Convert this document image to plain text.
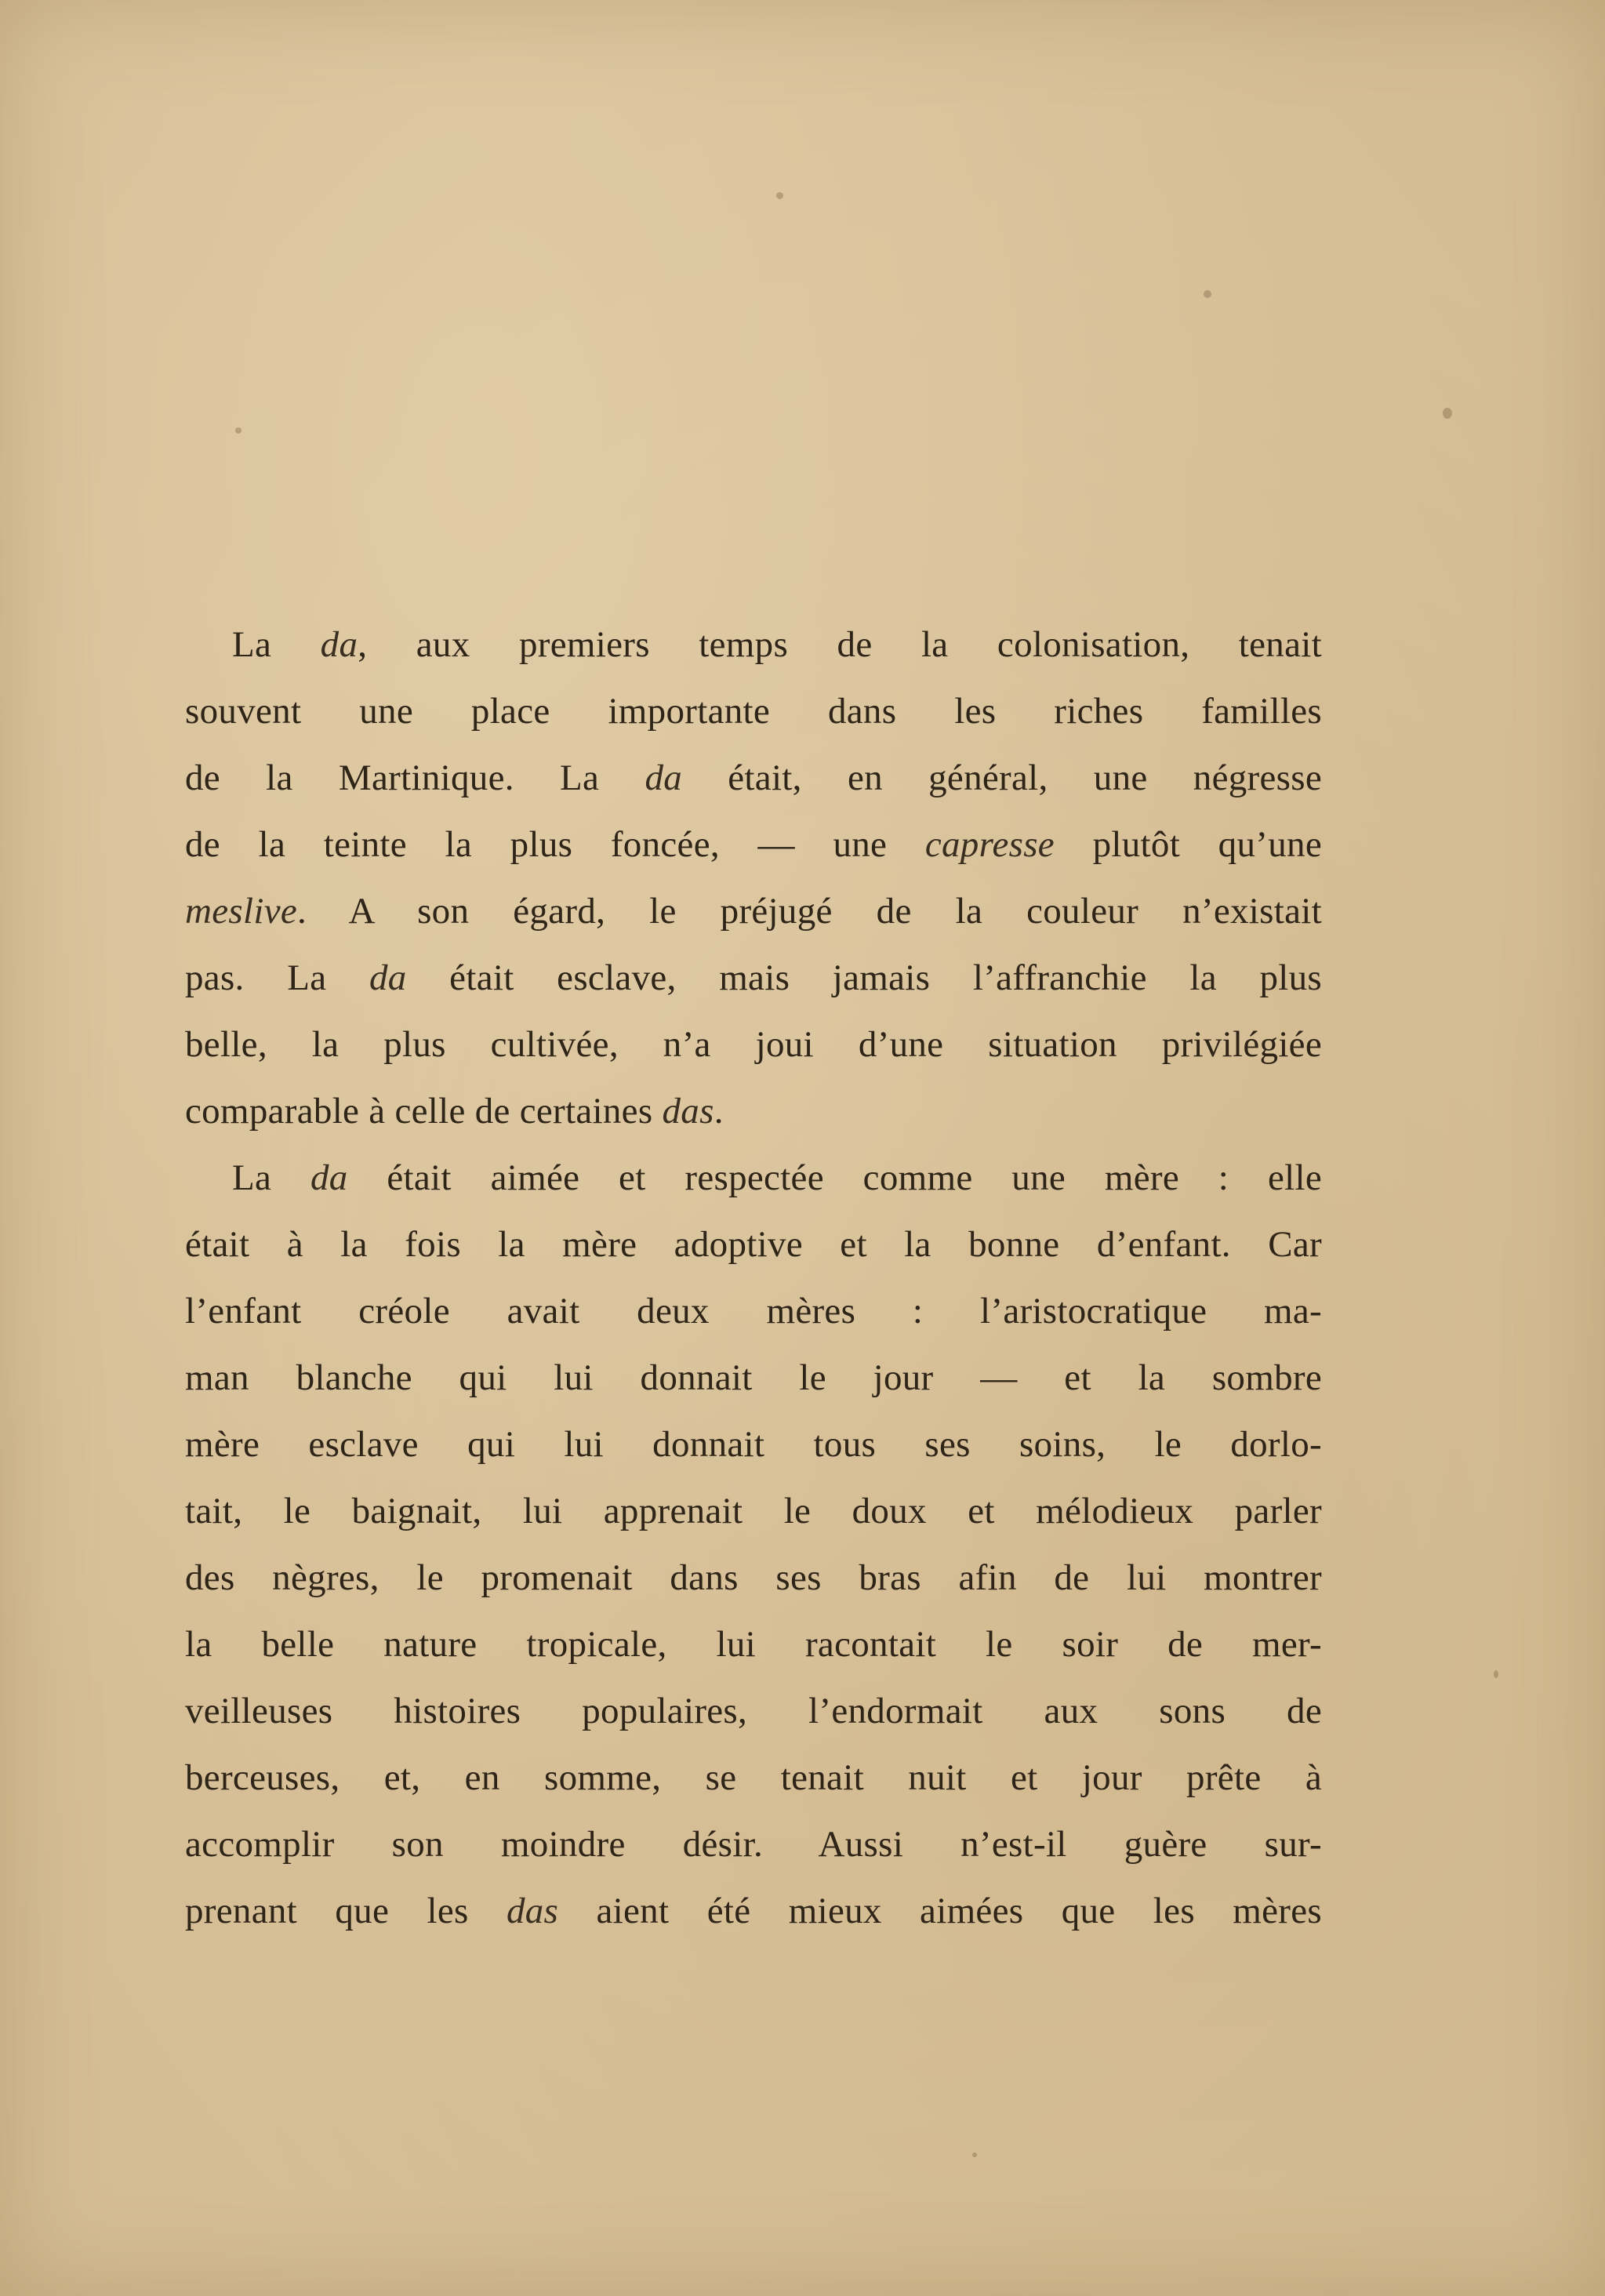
La da, aux premiers temps de la colonisation, tenait
souvent une place importante dans les riches familles
de la Martinique. La da était, en général, une négresse
de la teinte la plus foncée, — une capresse plutôt qu’une
meslive. A son égard, le préjugé de la couleur n’existait
pas. La da était esclave, mais jamais l’affranchie la plus
belle, la plus cultivée, n’a joui d’une situation privilégiée
comparable à celle de certaines das.
La da était aimée et respectée comme une mère : elle
était à la fois la mère adoptive et la bonne d’enfant. Car
l’enfant créole avait deux mères : l’aristocratique ma-
man blanche qui lui donnait le jour — et la sombre
mère esclave qui lui donnait tous ses soins, le dorlo-
tait, le baignait, lui apprenait le doux et mélodieux parler
des nègres, le promenait dans ses bras afin de lui montrer
la belle nature tropicale, lui racontait le soir de mer-
veilleuses histoires populaires, l’endormait aux sons de
berceuses, et, en somme, se tenait nuit et jour prête à
accomplir son moindre désir. Aussi n’est-il guère sur-
prenant que les das aient été mieux aimées que les mères
